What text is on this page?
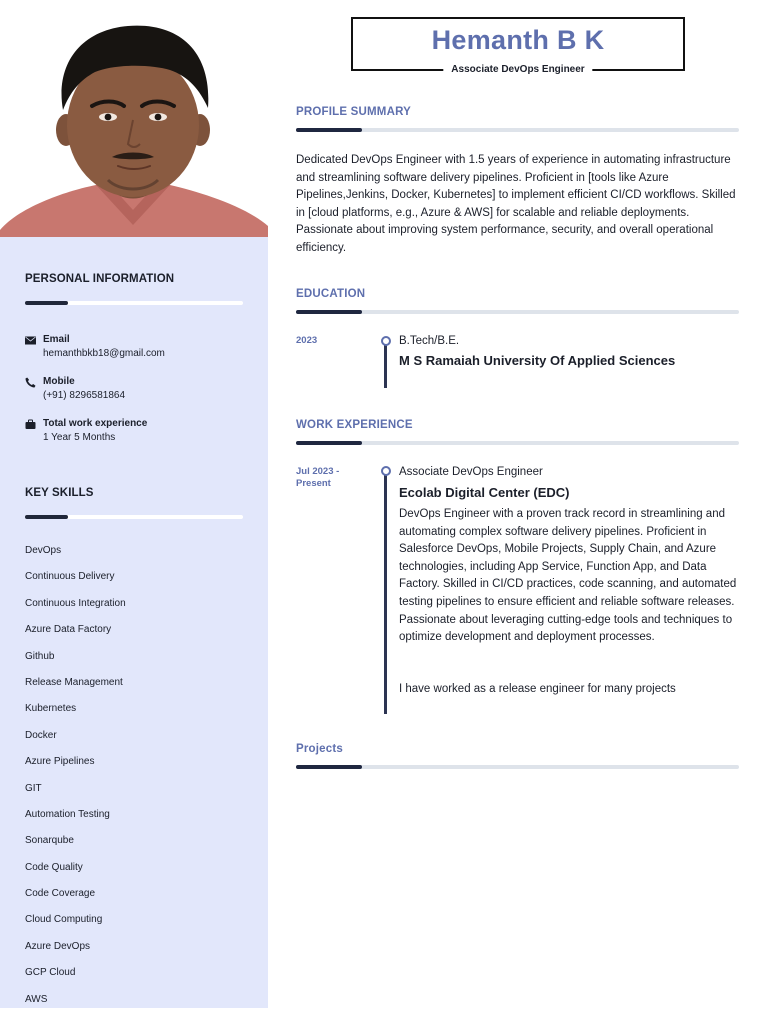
PERSONAL INFORMATION
Email
hemanthbkb18@gmail.com
Mobile
(+91) 8296581864
Total work experience
1 Year 5 Months
KEY SKILLS
DevOps
Continuous Delivery
Continuous Integration
Azure Data Factory
Github
Release Management
Kubernetes
Docker
Azure Pipelines
GIT
Automation Testing
Sonarqube
Code Quality
Code Coverage
Cloud Computing
Azure DevOps
GCP Cloud
AWS
Hemanth B K
Associate DevOps Engineer
PROFILE SUMMARY
Dedicated DevOps Engineer with 1.5 years of experience in automating infrastructure and streamlining software delivery pipelines. Proficient in [tools like Azure Pipelines,Jenkins, Docker, Kubernetes] to implement efficient CI/CD workflows. Skilled in [cloud platforms, e.g., Azure & AWS] for scalable and reliable deployments. Passionate about improving system performance, security, and overall operational efficiency.
EDUCATION
2023	B.Tech/B.E.
M S Ramaiah University Of Applied Sciences
WORK EXPERIENCE
Jul 2023 -
Present
Associate DevOps Engineer
Ecolab Digital Center (EDC)
DevOps Engineer with a proven track record in streamlining and automating complex software delivery pipelines. Proficient in Salesforce DevOps, Mobile Projects, Supply Chain, and Azure technologies, including App Service, Function App, and Data Factory. Skilled in CI/CD practices, code scanning, and automated testing pipelines to ensure efficient and reliable software releases. Passionate about leveraging cutting-edge tools and techniques to optimize development and deployment processes.
I have worked as a release engineer for many projects
Projects
